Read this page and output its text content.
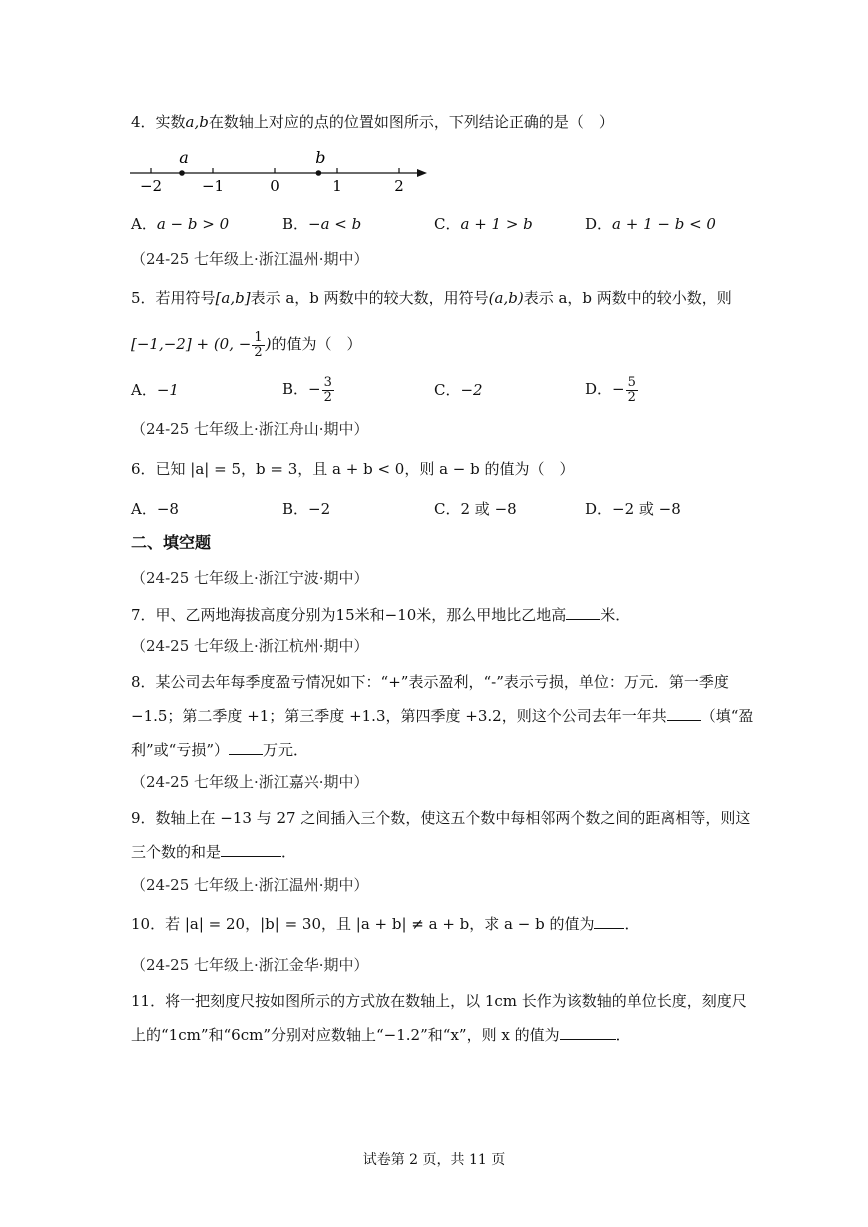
4．实数a,b在数轴上对应的点的位置如图所示，下列结论正确的是（　）
−2	−1	0	1	2
a	b
A．a − b > 0	B．−a < b	C．a + 1 > b	D．a + 1 − b < 0
（24-25 七年级上·浙江温州·期中）
5．若用符号[a,b]表示 a，b 两数中的较大数，用符号(a,b)表示 a，b 两数中的较小数，则
[−1,−2] + (0, − $\frac{1}{2}$ )的值为（　）
A．−1	B．− $\frac{3}{2}$	C．−2	D．− $\frac{5}{2}$
（24-25 七年级上·浙江舟山·期中）
6．已知 |a| = 5，b = 3，且 a + b < 0，则 a − b 的值为（　）
A．−8	B．−2	C．2 或 −8	D．−2 或 −8
二、填空题
（24-25 七年级上·浙江宁波·期中）
7．甲、乙两地海拔高度分别为15米和−10米，那么甲地比乙地高 米．
（24-25 七年级上·浙江杭州·期中）
8．某公司去年每季度盈亏情况如下：“+”表示盈利，“-”表示亏损，单位：万元．第一季度
−1.5；第二季度 +1；第三季度 +1.3，第四季度 +3.2，则这个公司去年一年共 （填“盈
利”或“亏损”） 万元．
（24-25 七年级上·浙江嘉兴·期中）
9．数轴上在 −13 与 27 之间插入三个数，使这五个数中每相邻两个数之间的距离相等，则这
三个数的和是	．
（24-25 七年级上·浙江温州·期中）
10．若 |a| = 20，|b| = 30，且 |a + b| ≠ a + b，求 a − b 的值为 ．
（24-25 七年级上·浙江金华·期中）
11．将一把刻度尺按如图所示的方式放在数轴上，以 1cm 长作为该数轴的单位长度，刻度尺
上的“1cm”和“6cm”分别对应数轴上“−1.2”和“x”，则 x 的值为	．
试卷第 2 页，共 11 页
